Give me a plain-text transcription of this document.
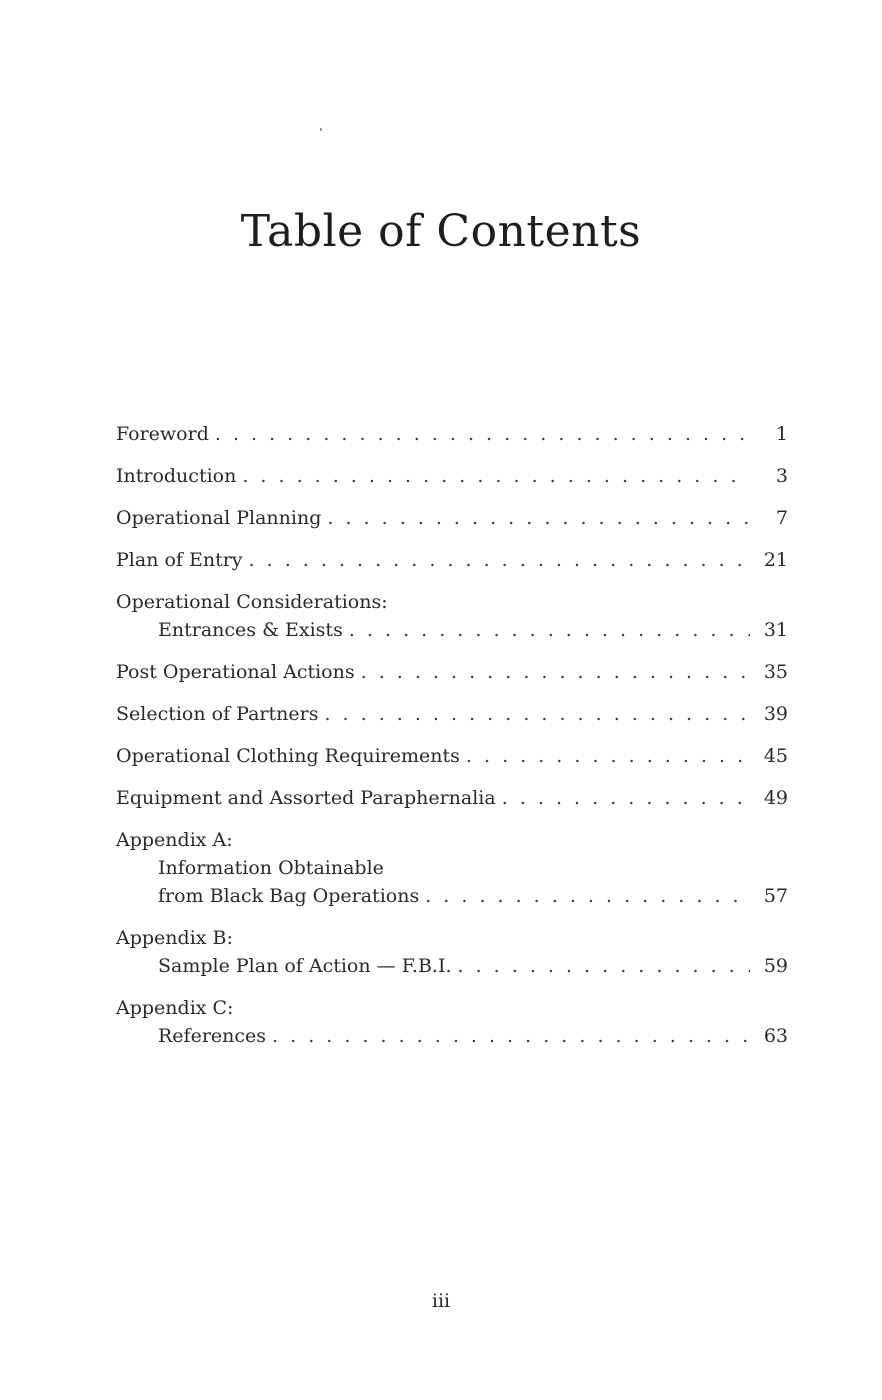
Table of Contents
Foreword . . .	1
Introduction . . .	3
Operational Planning . . .	7
Plan of Entry . . .	21
Operational Considerations:
Entrances & Exists . . .	31
Post Operational Actions . . .	35
Selection of Partners . . .	39
Operational Clothing Requirements . . .	45
Equipment and Assorted Paraphernalia . . .	49
Appendix A:
Information Obtainable
from Black Bag Operations . . .	57
Appendix B:
Sample Plan of Action — F.B.I. . . .	59
Appendix C:
References . . .	63
iii
